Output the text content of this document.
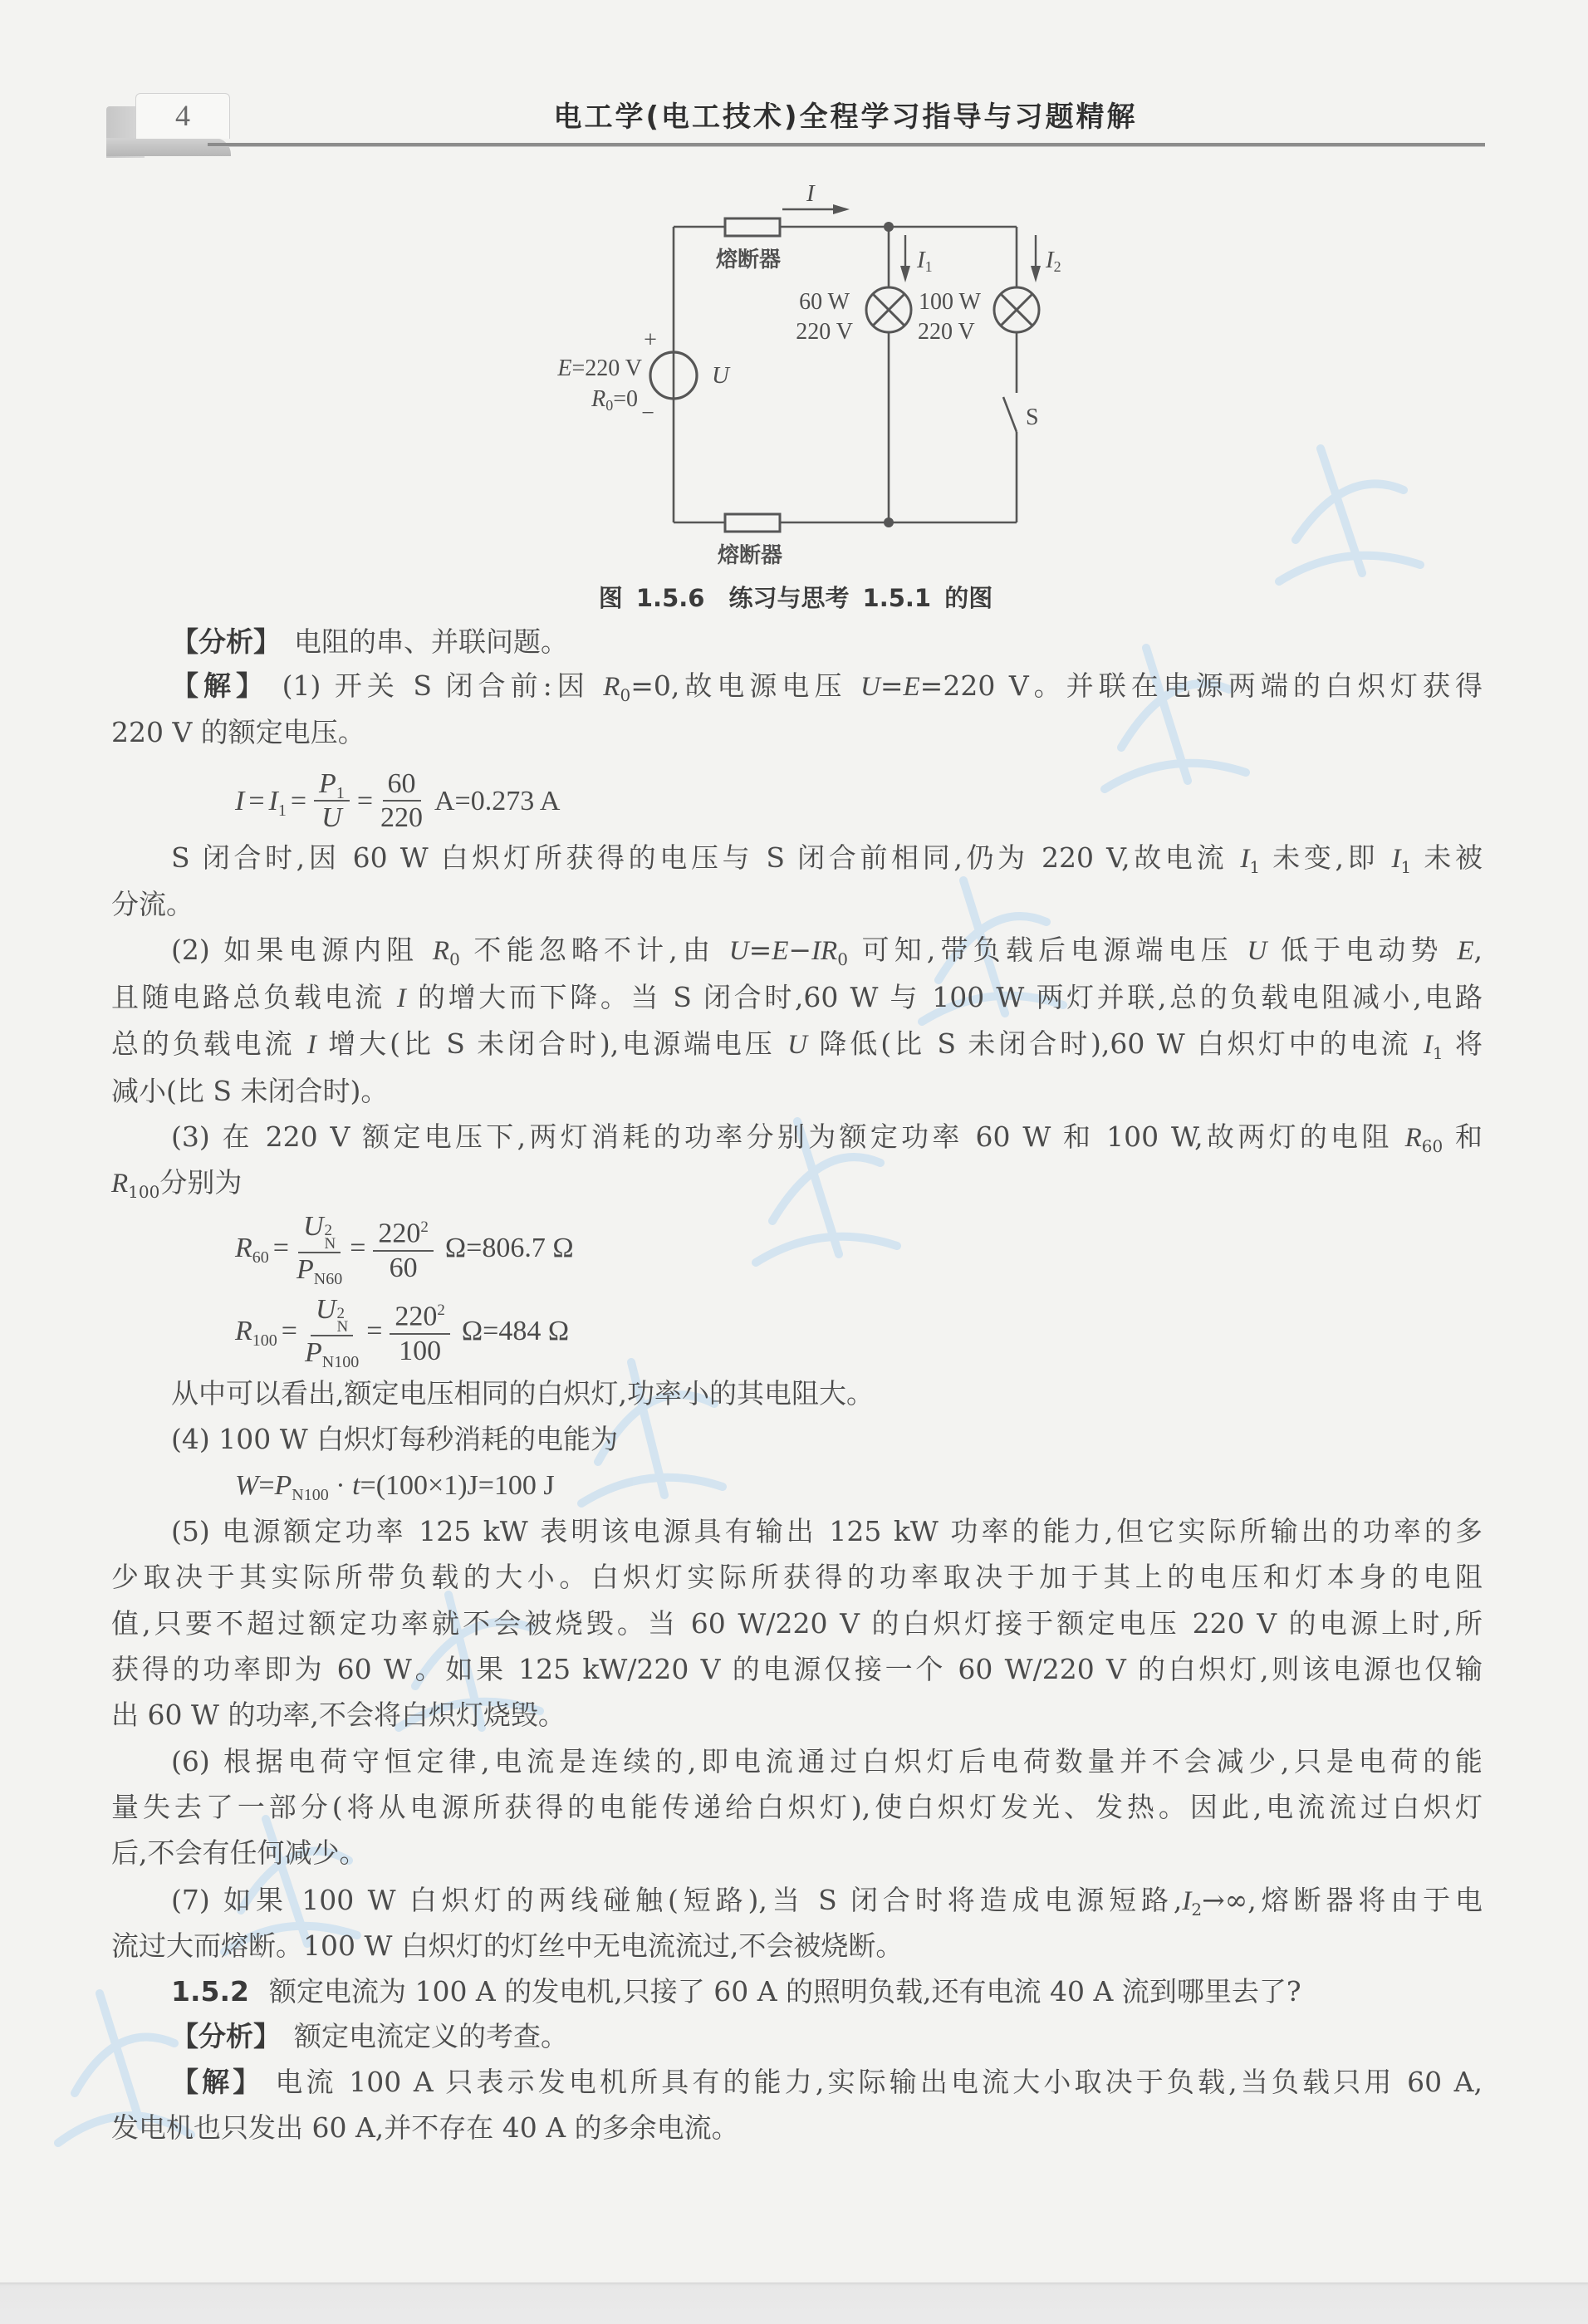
4	电工学(电工技术)全程学习指导与习题精解
I
I1	I2
熔断器
熔断器
60 W
220 V
100 W
220 V
+
E=220 V
R0=0
−
U
S
图 1.5.6　练习与思考 1.5.1 的图
【分析】 电阻的串、并联问题。
【解】 (1) 开关 S 闭合前:因 $R_0=0$,故电源电压 U=E=220 V。并联在电源两端的白炽灯获得
220 V 的额定电压。
$I = I_1 = \frac{P_1}{U} = \frac{60}{220} A=0.273$ A
S 闭合时,因 60 W 白炽灯所获得的电压与 S 闭合前相同,仍为 220 V,故电流 $I_1$ 未变,即 $I_1$ 未被
分流。
(2) 如果电源内阻 $R_0$ 不能忽略不计,由 $U=E-IR_0$ 可知,带负载后电源端电压 U 低于电动势 E,
且随电路总负载电流 I 的增大而下降。当 S 闭合时,60 W 与 100 W 两灯并联,总的负载电阻减小,电路
总的负载电流 I 增大(比 S 未闭合时),电源端电压 U 降低(比 S 未闭合时),60 W 白炽灯中的电流 $I_1$ 将
减小(比 S 未闭合时)。
(3) 在 220 V 额定电压下,两灯消耗的功率分别为额定功率 60 W 和 100 W,故两灯的电阻 $R_{60}$ 和
$R_{100}$分别为
$R_{60} = U$ 2
N
$P_{N60} = \frac{220^2}{60} \Omega=806.7$ Ω
$R_{100} = U$ 2
N
$P_{N100} = \frac{220^2}{100} \Omega=484$ Ω
从中可以看出,额定电压相同的白炽灯,功率小的其电阻大。
(4) 100 W 白炽灯每秒消耗的电能为
$W=P_{N100} \cdot t=(100\times 1)J=100$ J
(5) 电源额定功率 125 kW 表明该电源具有输出 125 kW 功率的能力,但它实际所输出的功率的多
少取决于其实际所带负载的大小。白炽灯实际所获得的功率取决于加于其上的电压和灯本身的电阻
值,只要不超过额定功率就不会被烧毁。当 60 W/220 V 的白炽灯接于额定电压 220 V 的电源上时,所
获得的功率即为 60 W。如果 125 kW/220 V 的电源仅接一个 60 W/220 V 的白炽灯,则该电源也仅输
出 60 W 的功率,不会将白炽灯烧毁。
(6) 根据电荷守恒定律,电流是连续的,即电流通过白炽灯后电荷数量并不会减少,只是电荷的能
量失去了一部分(将从电源所获得的电能传递给白炽灯),使白炽灯发光、发热。因此,电流流过白炽灯
后,不会有任何减少。
(7) 如果 100 W 白炽灯的两线碰触(短路),当 S 闭合时将造成电源短路$,I_2\to\infty$,熔断器将由于电
流过大而熔断。100 W 白炽灯的灯丝中无电流流过,不会被烧断。
1.5.2 额定电流为 100 A 的发电机,只接了 60 A 的照明负载,还有电流 40 A 流到哪里去了?
【分析】 额定电流定义的考查。
【解】 电流 100 A 只表示发电机所具有的能力,实际输出电流大小取决于负载,当负载只用 60 A,
发电机也只发出 60 A,并不存在 40 A 的多余电流。
